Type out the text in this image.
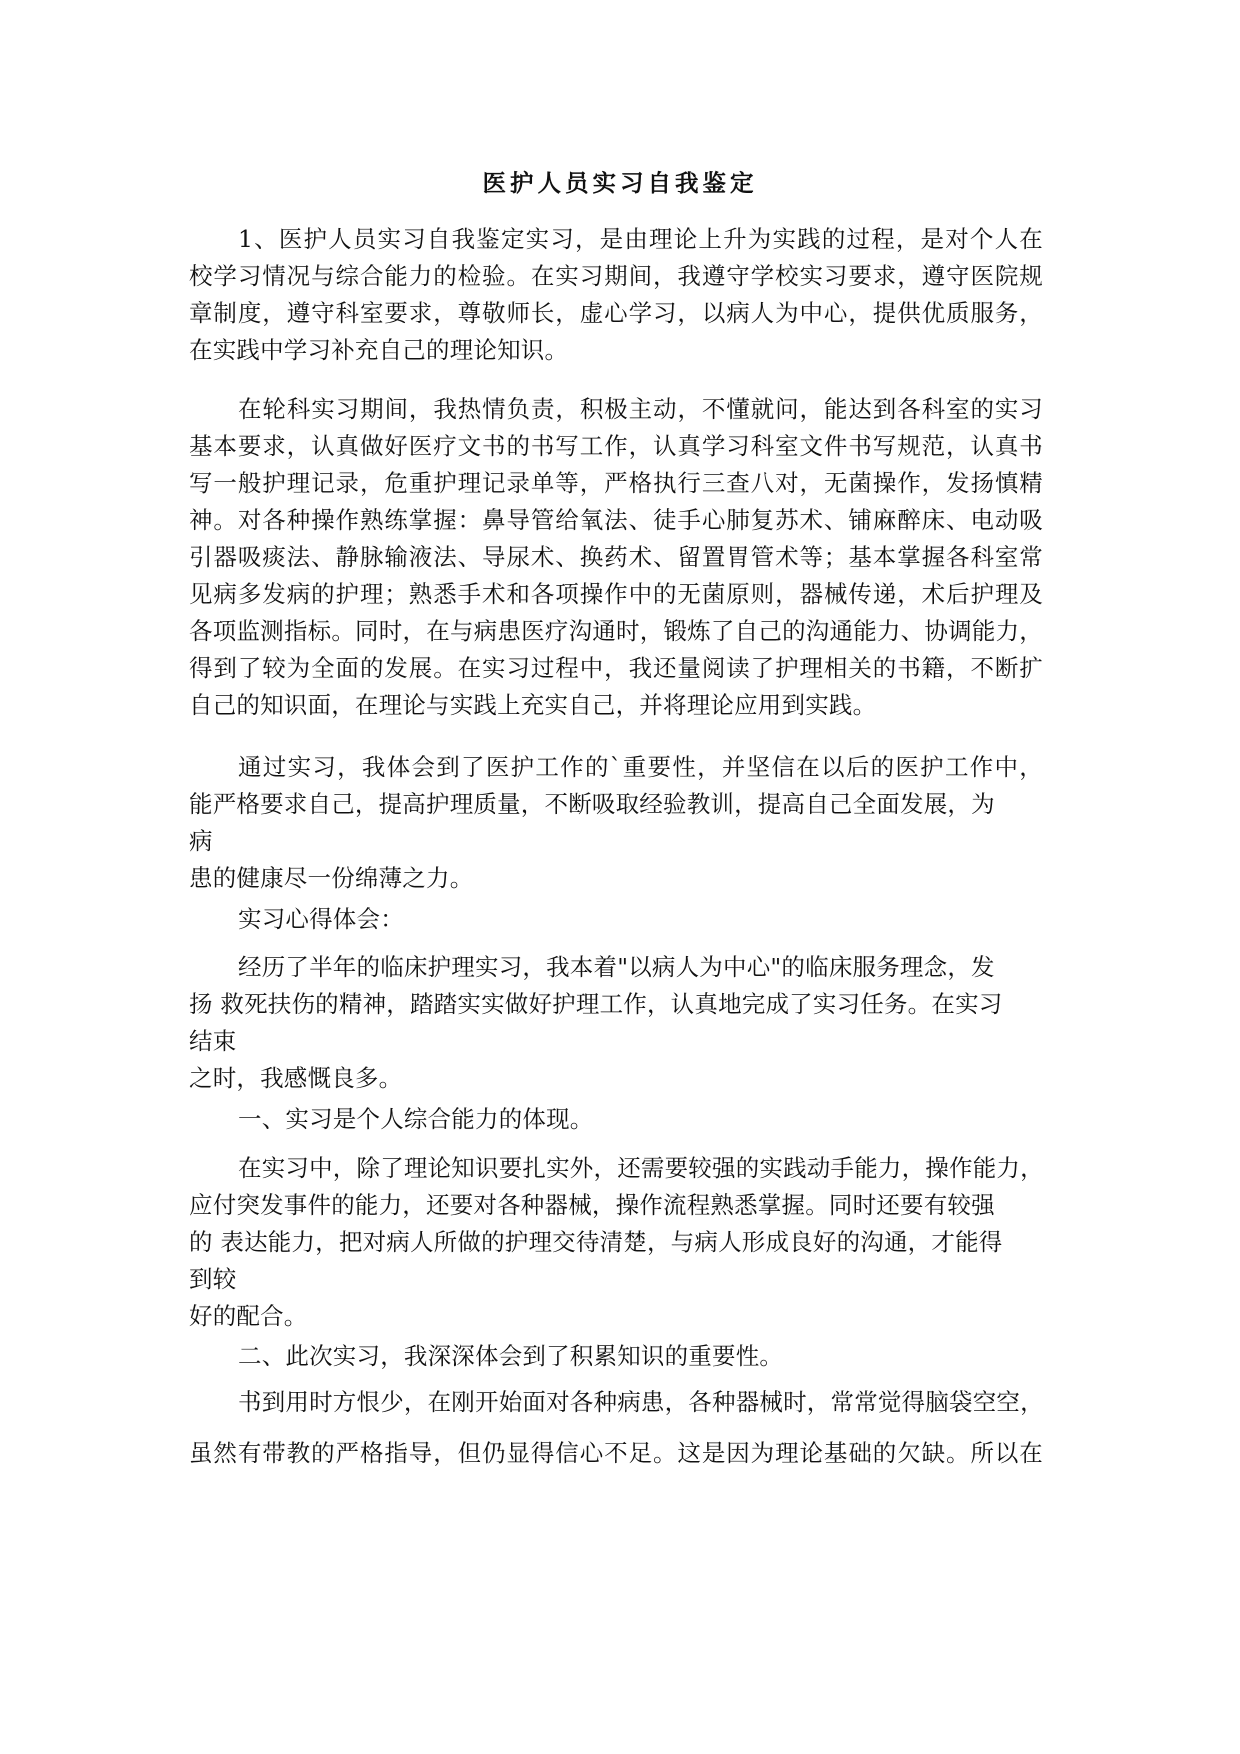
医护人员实习自我鉴定
1、医护人员实习自我鉴定实习，是由理论上升为实践的过程，是对个人在
校学习情况与综合能力的检验。在实习期间，我遵守学校实习要求，遵守医院规
章制度，遵守科室要求，尊敬师长，虚心学习，以病人为中心，提供优质服务，
在实践中学习补充自己的理论知识。
在轮科实习期间，我热情负责，积极主动，不懂就问，能达到各科室的实习
基本要求，认真做好医疗文书的书写工作，认真学习科室文件书写规范，认真书
写一般护理记录，危重护理记录单等，严格执行三查八对，无菌操作，发扬慎精
神。对各种操作熟练掌握：鼻导管给氧法、徒手心肺复苏术、铺麻醉床、电动吸
引器吸痰法、静脉输液法、导尿术、换药术、留置胃管术等；基本掌握各科室常
见病多发病的护理；熟悉手术和各项操作中的无菌原则，器械传递，术后护理及
各项监测指标。同时，在与病患医疗沟通时，锻炼了自己的沟通能力、协调能力，
得到了较为全面的发展。在实习过程中，我还量阅读了护理相关的书籍，不断扩
自己的知识面，在理论与实践上充实自己，并将理论应用到实践。
通过实习，我体会到了医护工作的`重要性，并坚信在以后的医护工作中，
能严格要求自己，提高护理质量，不断吸取经验教训，提高自己全面发展，为
病
患的健康尽一份绵薄之力。
实习心得体会：
经历了半年的临床护理实习，我本着"以病人为中心"的临床服务理念，发
扬 救死扶伤的精神，踏踏实实做好护理工作，认真地完成了实习任务。在实习
结束
之时，我感慨良多。
一、实习是个人综合能力的体现。
在实习中，除了理论知识要扎实外，还需要较强的实践动手能力，操作能力，
应付突发事件的能力，还要对各种器械，操作流程熟悉掌握。同时还要有较强
的 表达能力，把对病人所做的护理交待清楚，与病人形成良好的沟通，才能得
到较
好的配合。
二、此次实习，我深深体会到了积累知识的重要性。
书到用时方恨少，在刚开始面对各种病患，各种器械时，常常觉得脑袋空空，
虽然有带教的严格指导，但仍显得信心不足。这是因为理论基础的欠缺。所以在
